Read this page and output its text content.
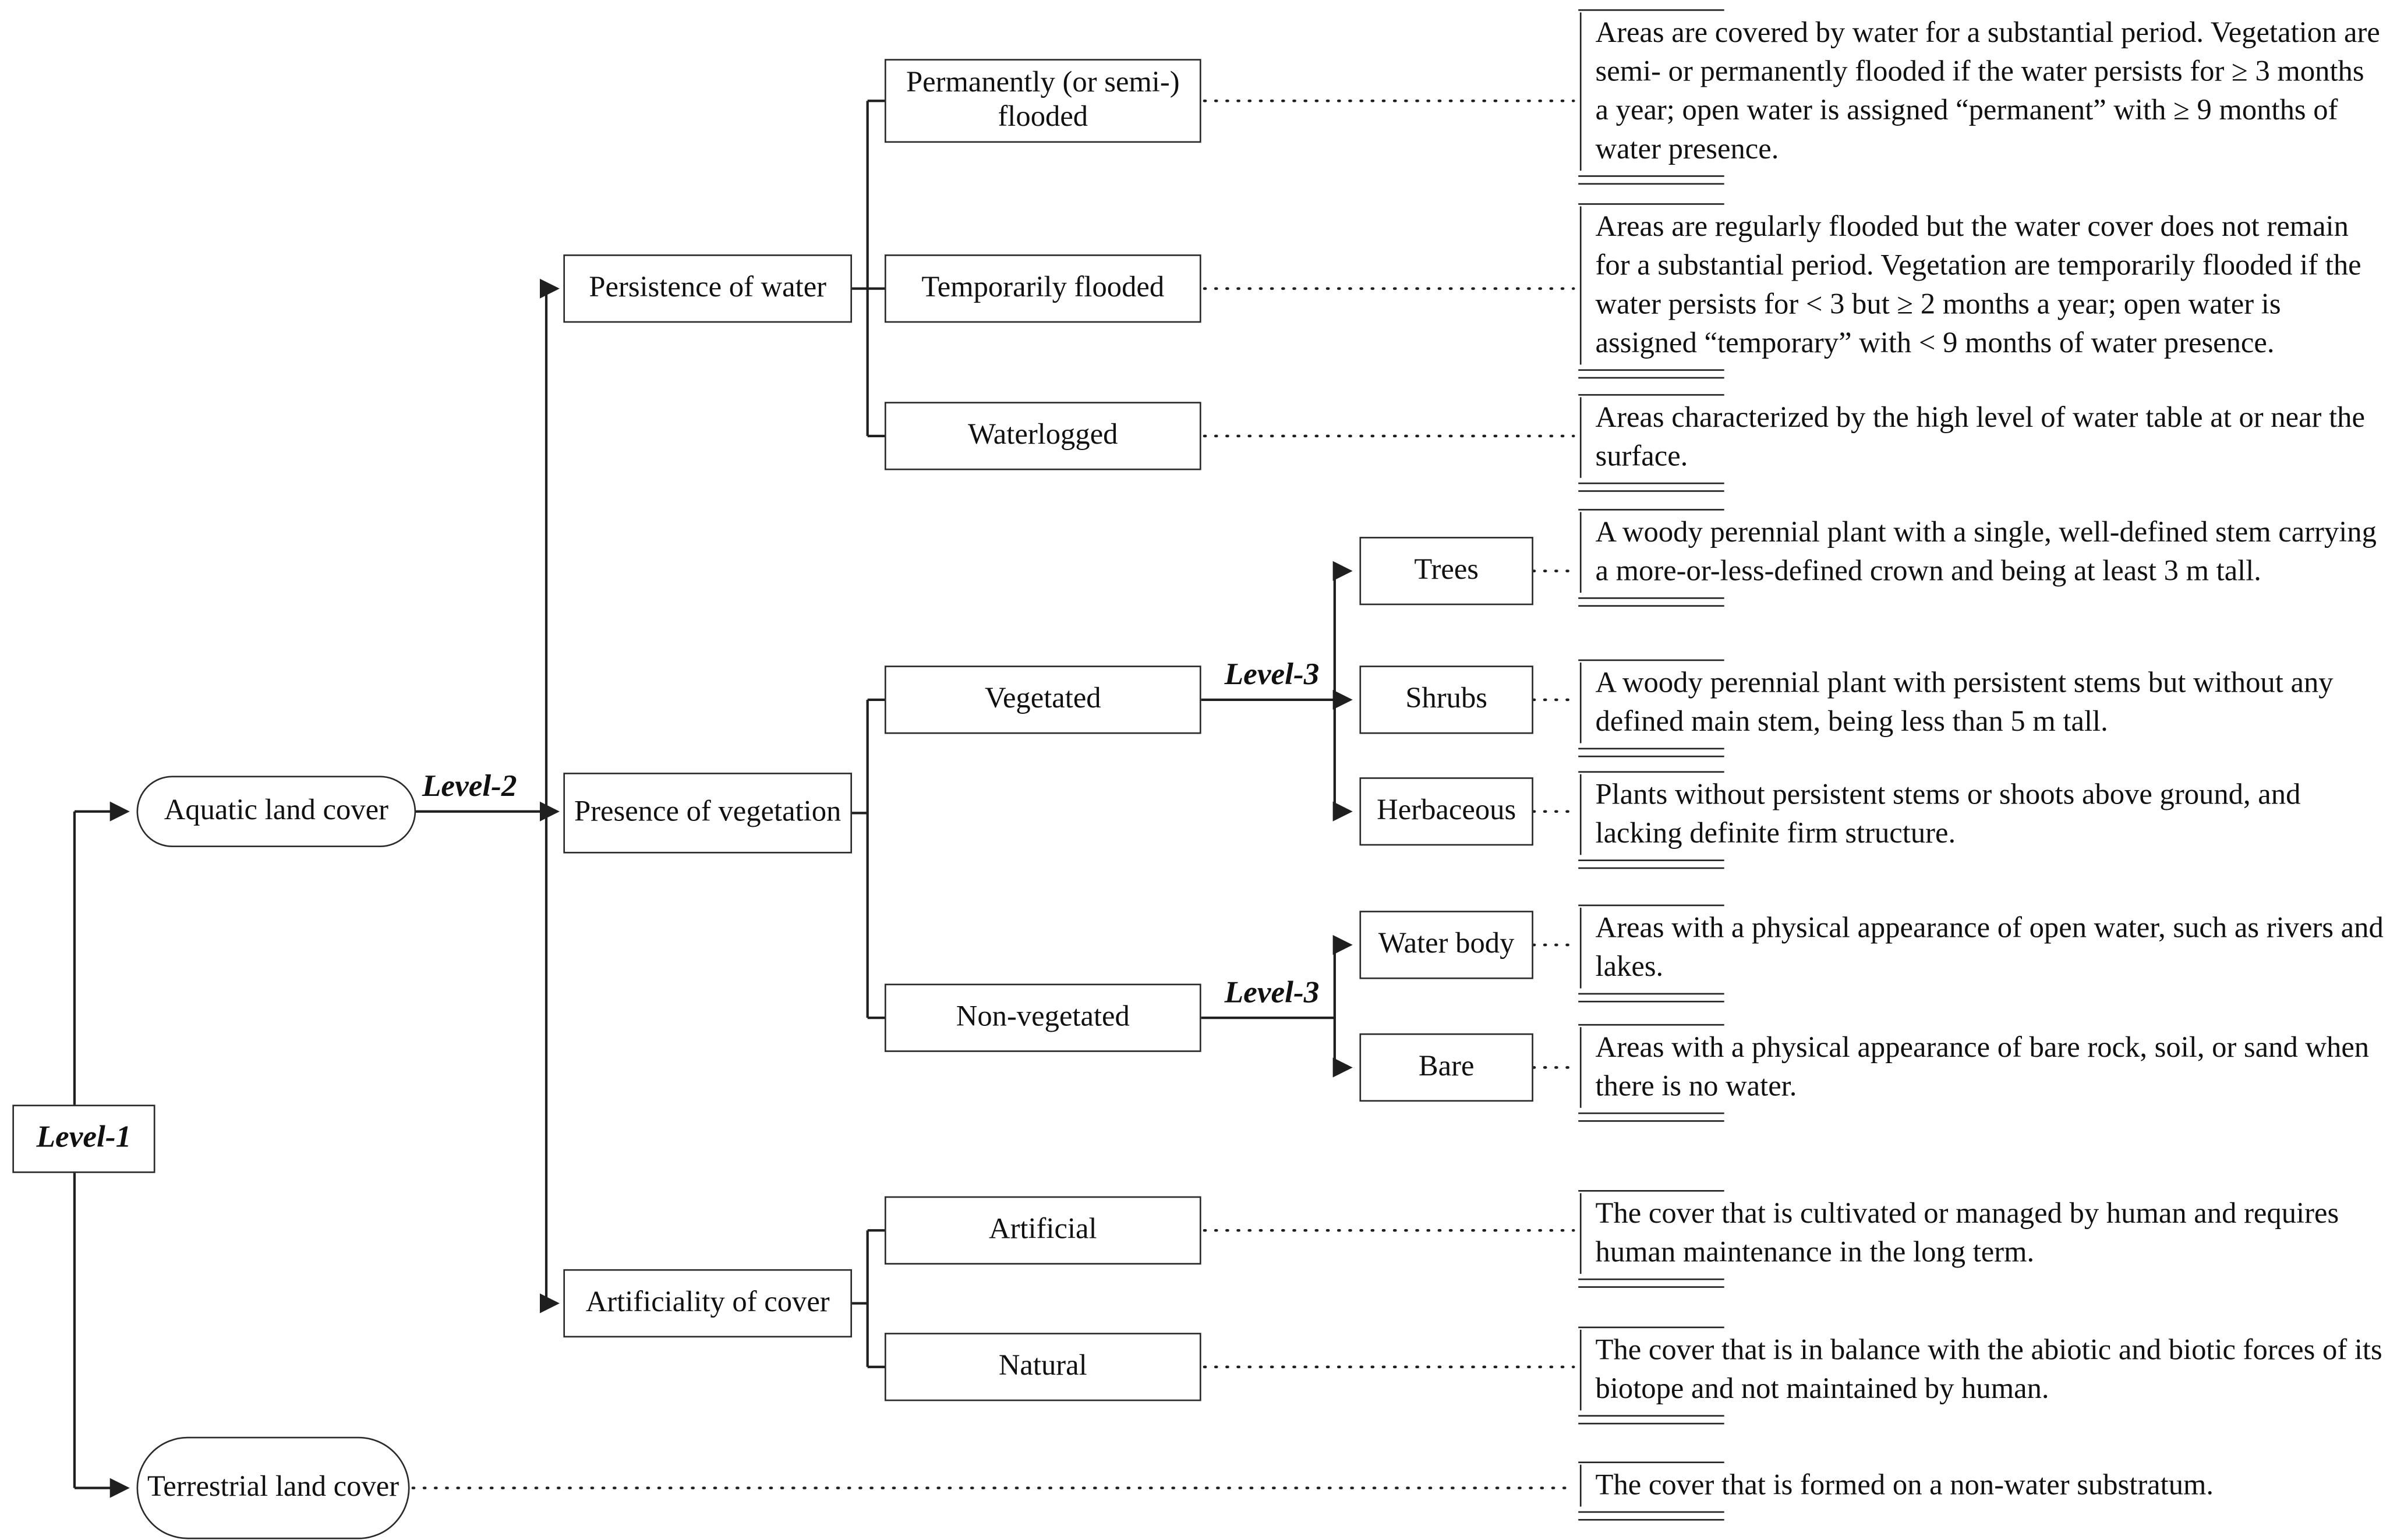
Level-1
Level-2
Level-3
Level-3
Aquatic land cover
Terrestrial land cover
Persistence of water
Presence of vegetation
Artificiality of cover
Permanently (or semi-) flooded
Temporarily flooded
Waterlogged
Vegetated
Non-vegetated
Artificial
Natural
Trees
Shrubs
Herbaceous
Water body
Bare

Areas are covered by water for a substantial period. Vegetation are semi- or permanently flooded if the water persists for ≥ 3 months a year; open water is assigned “permanent” with ≥ 9 months of water presence.

Areas are regularly flooded but the water cover does not remain for a substantial period. Vegetation are temporarily flooded if the water persists for < 3 but ≥ 2 months a year; open water is assigned “temporary” with < 9 months of water presence.

Areas characterized by the high level of water table at or near the surface.

A woody perennial plant with a single, well-defined stem carrying a more-or-less-defined crown and being at least 3 m tall.

A woody perennial plant with persistent stems but without any defined main stem, being less than 5 m tall.

Plants without persistent stems or shoots above ground, and lacking definite firm structure.

Areas with a physical appearance of open water, such as rivers and lakes.

Areas with a physical appearance of bare rock, soil, or sand when there is no water.

The cover that is cultivated or managed by human and requires human maintenance in the long term.

The cover that is in balance with the abiotic and biotic forces of its biotope and not maintained by human.

The cover that is formed on a non-water substratum.
